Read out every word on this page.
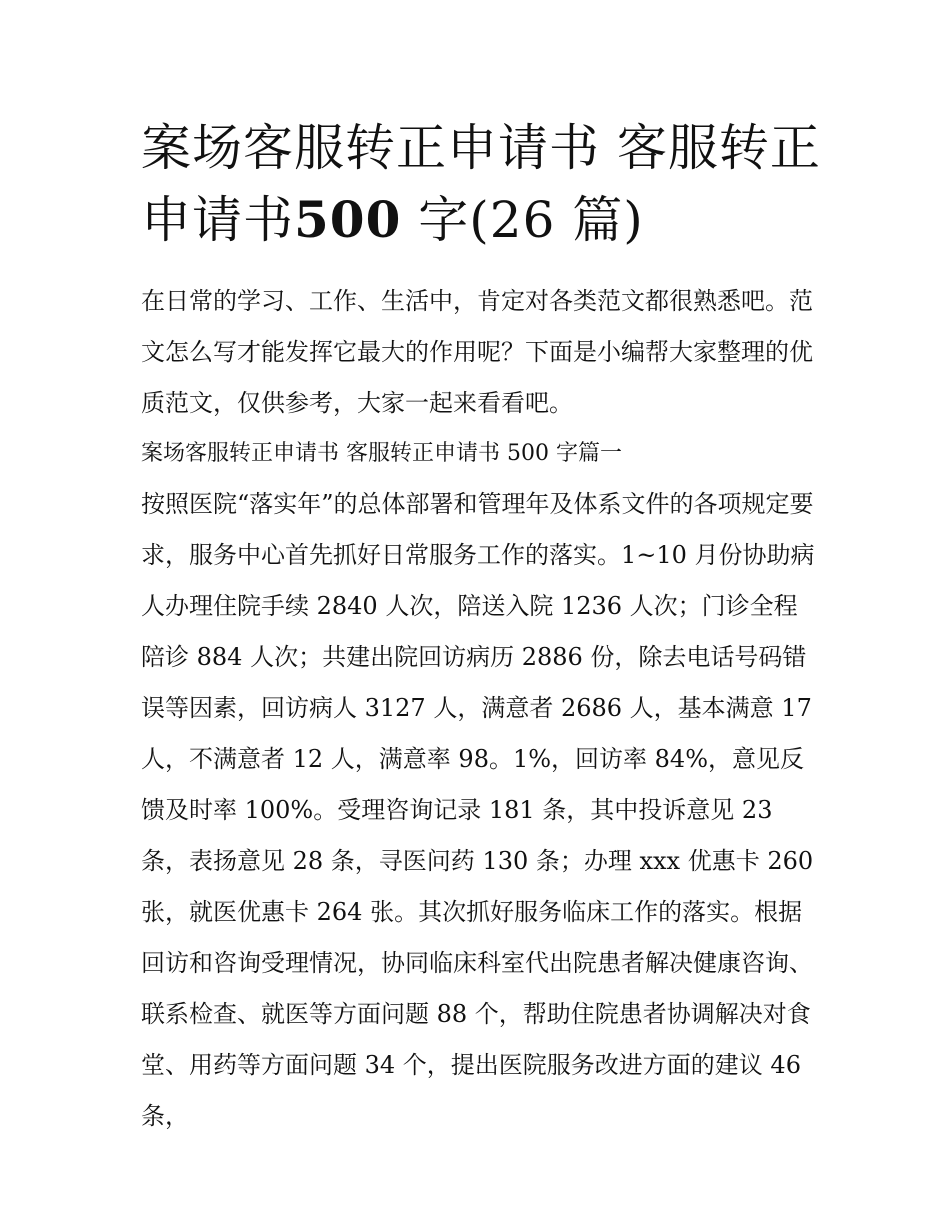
案场客服转正申请书 客服转正申请书500 字(26 篇)

在日常的学习、工作、生活中，肯定对各类范文都很熟悉吧。范文怎么写才能发挥它最大的作用呢？下面是小编帮大家整理的优质范文，仅供参考，大家一起来看看吧。

案场客服转正申请书 客服转正申请书 500 字篇一

按照医院“落实年”的总体部署和管理年及体系文件的各项规定要求，服务中心首先抓好日常服务工作的落实。1~10 月份协助病人办理住院手续 2840 人次，陪送入院 1236 人次；门诊全程陪诊 884 人次；共建出院回访病历 2886 份，除去电话号码错误等因素，回访病人 3127 人，满意者 2686 人，基本满意 17 人，不满意者 12 人，满意率 98。1%，回访率 84%，意见反馈及时率 100%。受理咨询记录 181 条，其中投诉意见 23 条，表扬意见 28 条，寻医问药 130 条；办理 xxx 优惠卡 260 张，就医优惠卡 264 张。其次抓好服务临床工作的落实。根据回访和咨询受理情况，协同临床科室代出院患者解决健康咨询、联系检查、就医等方面问题 88 个，帮助住院患者协调解决对食堂、用药等方面问题 34 个，提出医院服务改进方面的建议 46 条，
